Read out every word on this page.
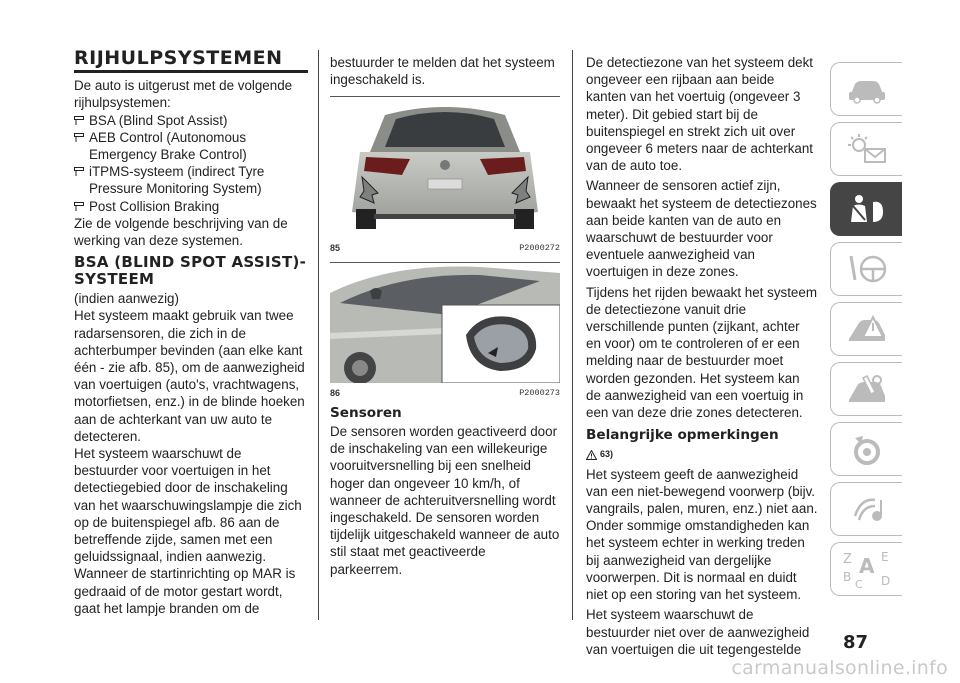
RIJHULPSYSTEMEN

De auto is uitgerust met de volgende rijhulpsystemen:

BSA (Blind Spot Assist)
AEB Control (Autonomous Emergency Brake Control)
iTPMS-systeem (indirect Tyre Pressure Monitoring System)
Post Collision Braking

Zie de volgende beschrijving van de werking van deze systemen.

BSA (BLIND SPOT ASSIST)-SYSTEEM

(indien aanwezig)

Het systeem maakt gebruik van twee radarsensoren, die zich in de achterbumper bevinden (aan elke kant één - zie afb. 85), om de aanwezigheid van voertuigen (auto's, vrachtwagens, motorfietsen, enz.) in de blinde hoeken aan de achterkant van uw auto te detecteren.

Het systeem waarschuwt de bestuurder voor voertuigen in het detectiegebied door de inschakeling van het waarschuwingslampje die zich op de buitenspiegel afb. 86 aan de betreffende zijde, samen met een geluidssignaal, indien aanwezig. Wanneer de startinrichting op MAR is gedraaid of de motor gestart wordt, gaat het lampje branden om de

bestuurder te melden dat het systeem ingeschakeld is.

85	P2000272
86	P2000273
Sensoren

De sensoren worden geactiveerd door de inschakeling van een willekeurige vooruitversnelling bij een snelheid hoger dan ongeveer 10 km/h, of wanneer de achteruitversnelling wordt ingeschakeld. De sensoren worden tijdelijk uitgeschakeld wanneer de auto stil staat met geactiveerde parkeerrem.

De detectiezone van het systeem dekt ongeveer een rijbaan aan beide kanten van het voertuig (ongeveer 3 meter). Dit gebied start bij de buitenspiegel en strekt zich uit over ongeveer 6 meters naar de achterkant van de auto toe.

Wanneer de sensoren actief zijn, bewaakt het systeem de detectiezones aan beide kanten van de auto en waarschuwt de bestuurder voor eventuele aanwezigheid van voertuigen in deze zones.

Tijdens het rijden bewaakt het systeem de detectiezone vanuit drie verschillende punten (zijkant, achter en voor) om te controleren of er een melding naar de bestuurder moet worden gezonden. Het systeem kan de aanwezigheid van een voertuig in een van deze drie zones detecteren.

Belangrijke opmerkingen
63)

Het systeem geeft de aanwezigheid van een niet-bewegend voorwerp (bijv. vangrails, palen, muren, enz.) niet aan. Onder sommige omstandigheden kan het systeem echter in werking treden bij aanwezigheid van dergelijke voorwerpen. Dit is normaal en duidt niet op een storing van het systeem.

Het systeem waarschuwt de bestuurder niet over de aanwezigheid van voertuigen die uit tegengestelde

Z E
A
B
C D
87
carmanualsonline.info
